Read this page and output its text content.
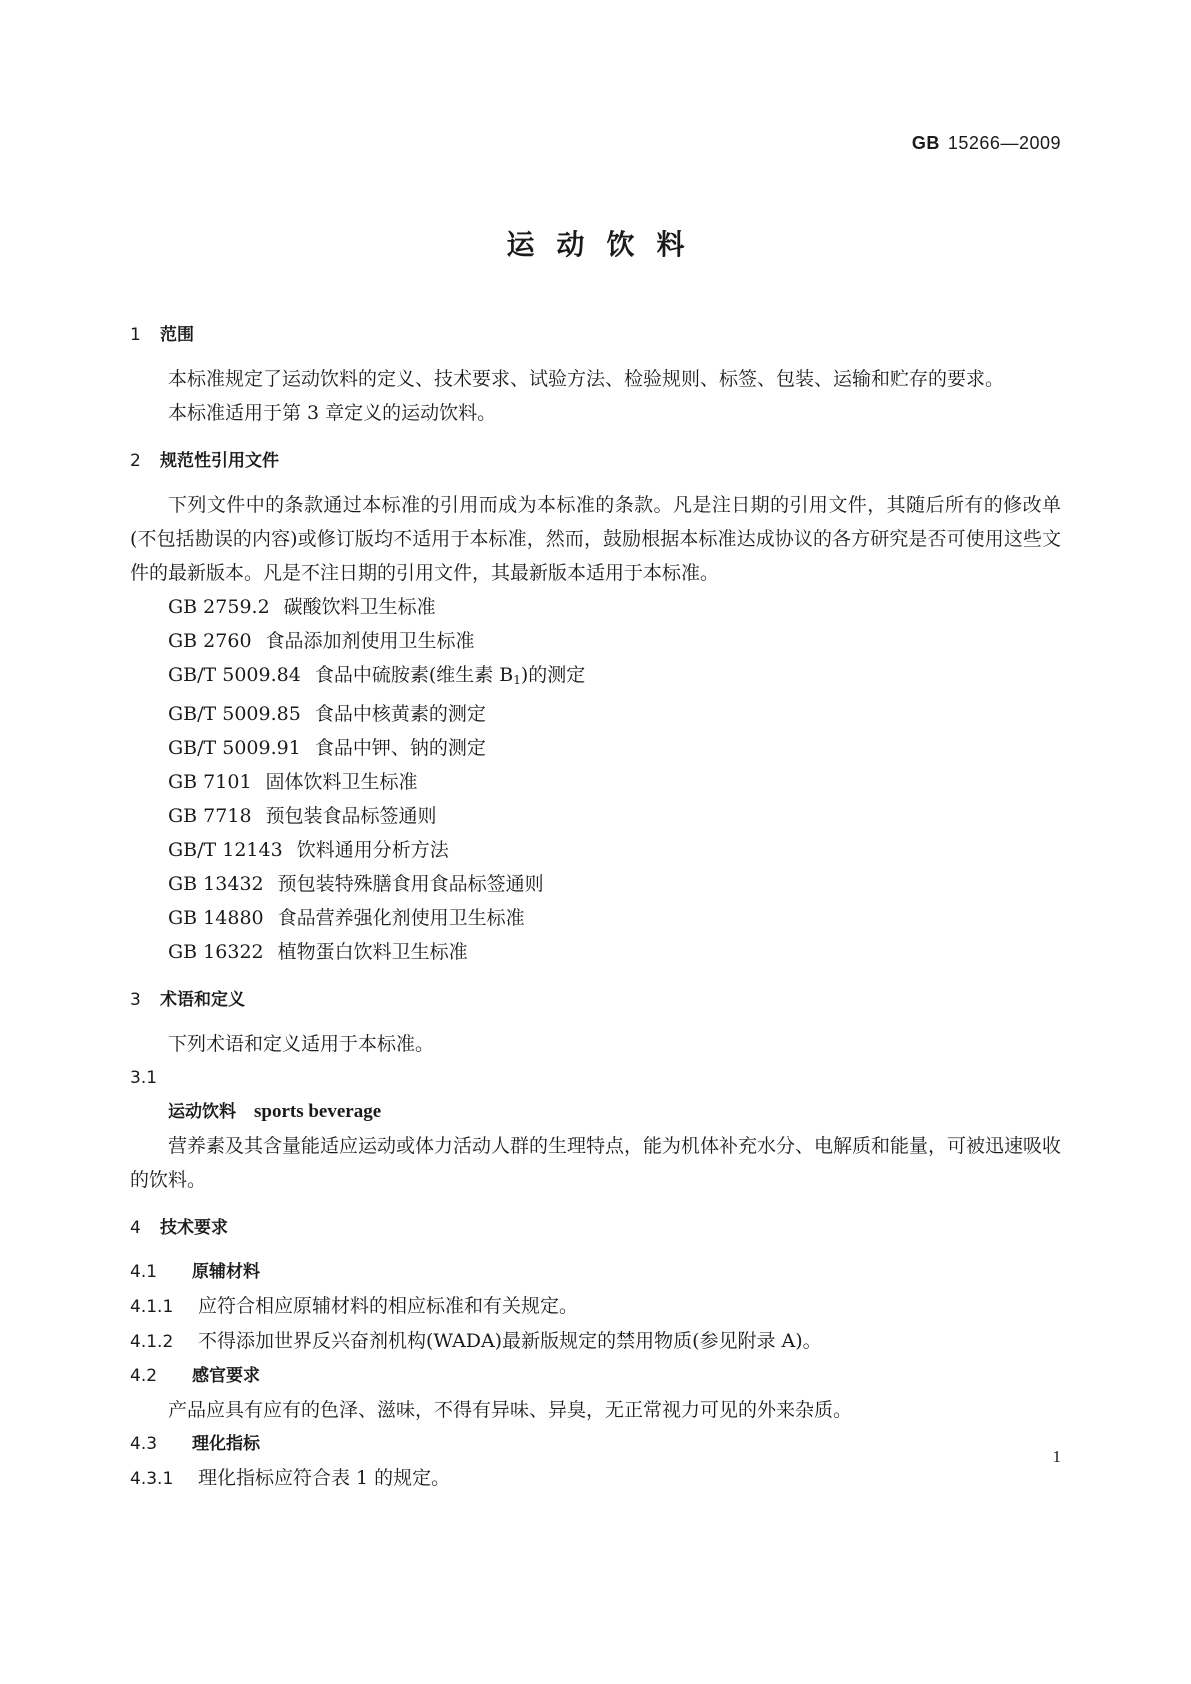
GB 15266—2009
运动饮料
1 范围
本标准规定了运动饮料的定义、技术要求、试验方法、检验规则、标签、包装、运输和贮存的要求。
本标准适用于第 3 章定义的运动饮料。
2 规范性引用文件
下列文件中的条款通过本标准的引用而成为本标准的条款。凡是注日期的引用文件，其随后所有的修改单(不包括勘误的内容)或修订版均不适用于本标准，然而，鼓励根据本标准达成协议的各方研究是否可使用这些文件的最新版本。凡是不注日期的引用文件，其最新版本适用于本标准。
GB 2759.2 碳酸饮料卫生标准
GB 2760 食品添加剂使用卫生标准
GB/T 5009.84 食品中硫胺素(维生素 $B_1$)的测定
GB/T 5009.85 食品中核黄素的测定
GB/T 5009.91 食品中钾、钠的测定
GB 7101 固体饮料卫生标准
GB 7718 预包装食品标签通则
GB/T 12143 饮料通用分析方法
GB 13432 预包装特殊膳食用食品标签通则
GB 14880 食品营养强化剂使用卫生标准
GB 16322 植物蛋白饮料卫生标准
3 术语和定义
下列术语和定义适用于本标准。
3.1
运动饮料 sports beverage
营养素及其含量能适应运动或体力活动人群的生理特点，能为机体补充水分、电解质和能量，可被迅速吸收的饮料。
4 技术要求
4.1 原辅材料
4.1.1 应符合相应原辅材料的相应标准和有关规定。
4.1.2 不得添加世界反兴奋剂机构(WADA)最新版规定的禁用物质(参见附录 A)。
4.2 感官要求
产品应具有应有的色泽、滋味，不得有异味、异臭，无正常视力可见的外来杂质。
4.3 理化指标
4.3.1 理化指标应符合表 1 的规定。
1
